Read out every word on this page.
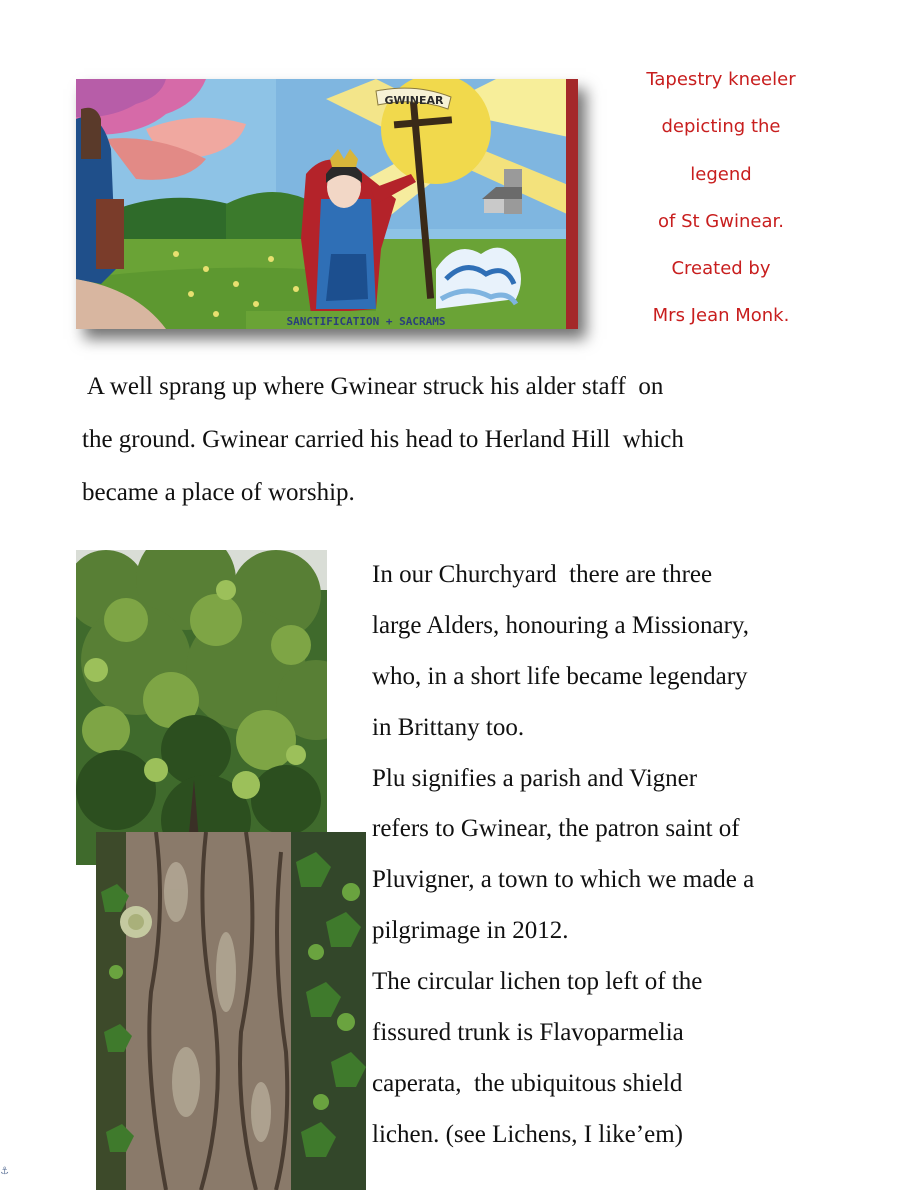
GWINEAR
SANCTIFICATION + SACRAMS
Tapestry kneeler
depicting the
legend
of St Gwinear.
Created by
Mrs Jean Monk.
A well sprang up where Gwinear struck his alder staff  on
the ground. Gwinear carried his head to Herland Hill  which
became a place of worship.
In our Churchyard  there are three
large Alders, honouring a Missionary,
who, in a short life became legendary
in Brittany too.
Plu signifies a parish and Vigner
refers to Gwinear, the patron saint of
Pluvigner, a town to which we made a
pilgrimage in 2012.
The circular lichen top left of the
fissured trunk is Flavoparmelia
caperata,  the ubiquitous shield
lichen. (see Lichens, I like’em)
⚓
